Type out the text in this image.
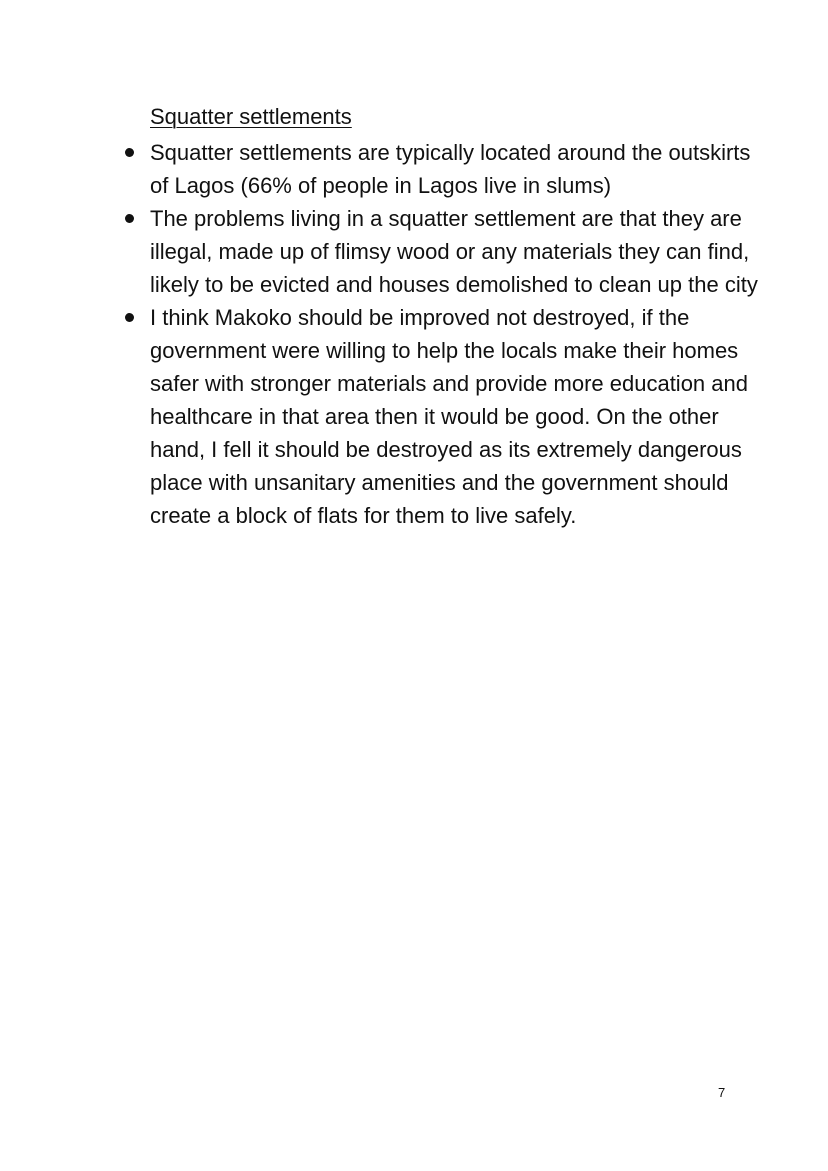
Squatter settlements
Squatter settlements are typically located around the outskirts of Lagos (66% of people in Lagos live in slums)
The problems living in a squatter settlement are that they are illegal, made up of flimsy wood or any materials they can find, likely to be evicted and houses demolished to clean up the city
I think Makoko should be improved not destroyed, if the government were willing to help the locals make their homes safer with stronger materials and provide more education and healthcare in that area then it would be good. On the other hand, I fell it should be destroyed as its extremely dangerous place with unsanitary amenities and the government should create a block of flats for them to live safely.
7
